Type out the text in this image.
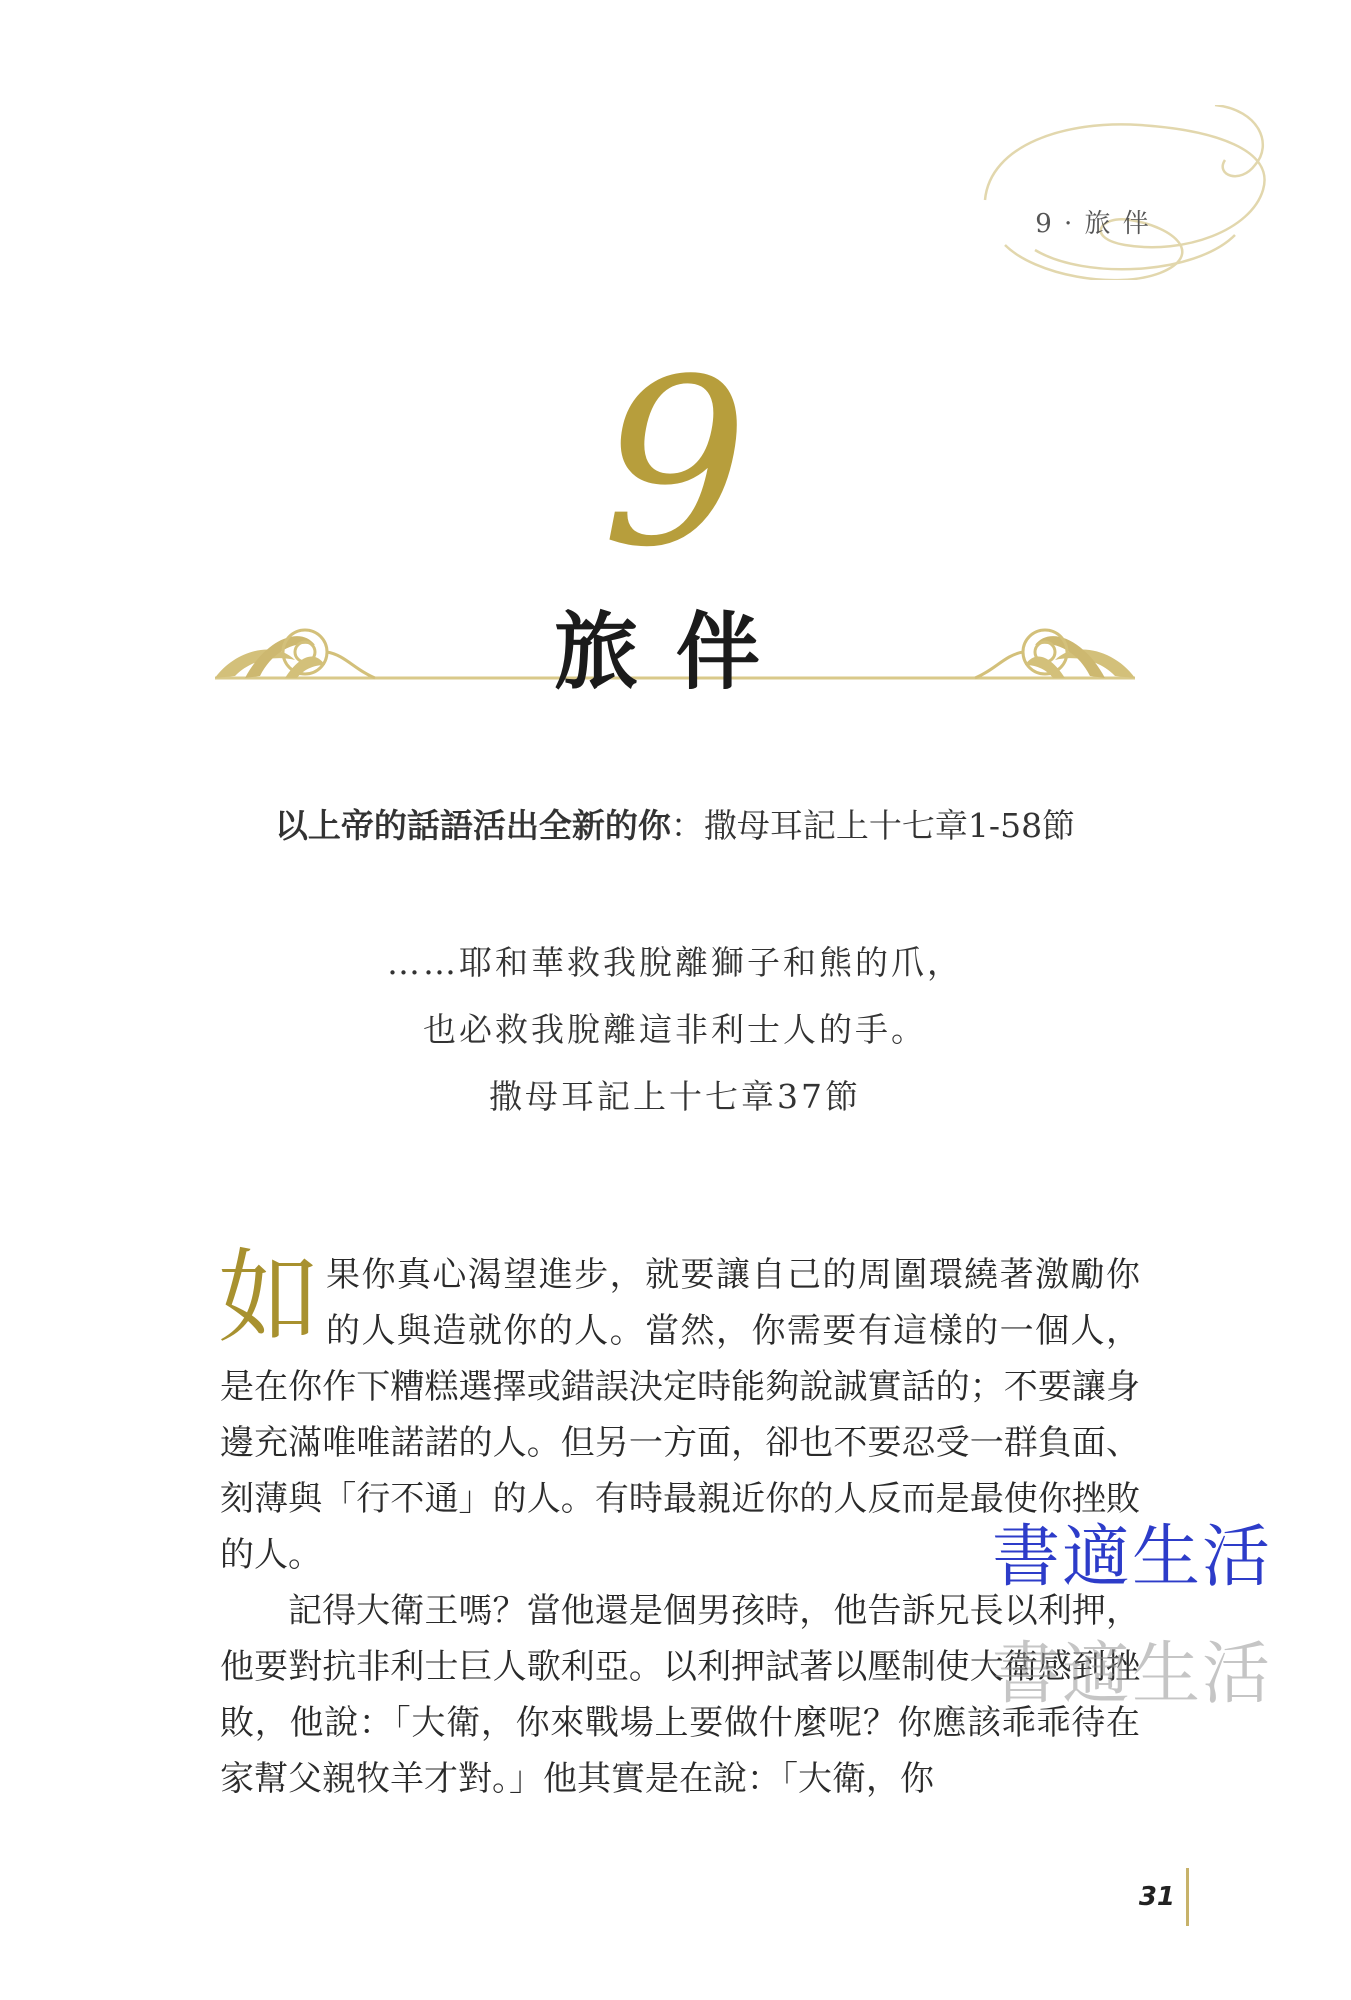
9 · 旅 伴
9
旅伴
以上帝的話語活出全新的你：撒母耳記上十七章1-58節
……耶和華救我脫離獅子和熊的爪，
也必救我脫離這非利士人的手。
撒母耳記上十七章37節

如果你真心渴望進步，就要讓自己的周圍環繞著激勵你的人與造就你的人。當然，你需要有這樣的一個人，是在你作下糟糕選擇或錯誤決定時能夠說誠實話的；不要讓身邊充滿唯唯諾諾的人。但另一方面，卻也不要忍受一群負面、刻薄與「行不通」的人。有時最親近你的人反而是最使你挫敗的人。

記得大衛王嗎？當他還是個男孩時，他告訴兄長以利押，他要對抗非利士巨人歌利亞。以利押試著以壓制使大衛感到挫敗，他說：「大衛，你來戰場上要做什麼呢？你應該乖乖待在家幫父親牧羊才對。」他其實是在說：「大衛，你

書適生活
書適生活
31
